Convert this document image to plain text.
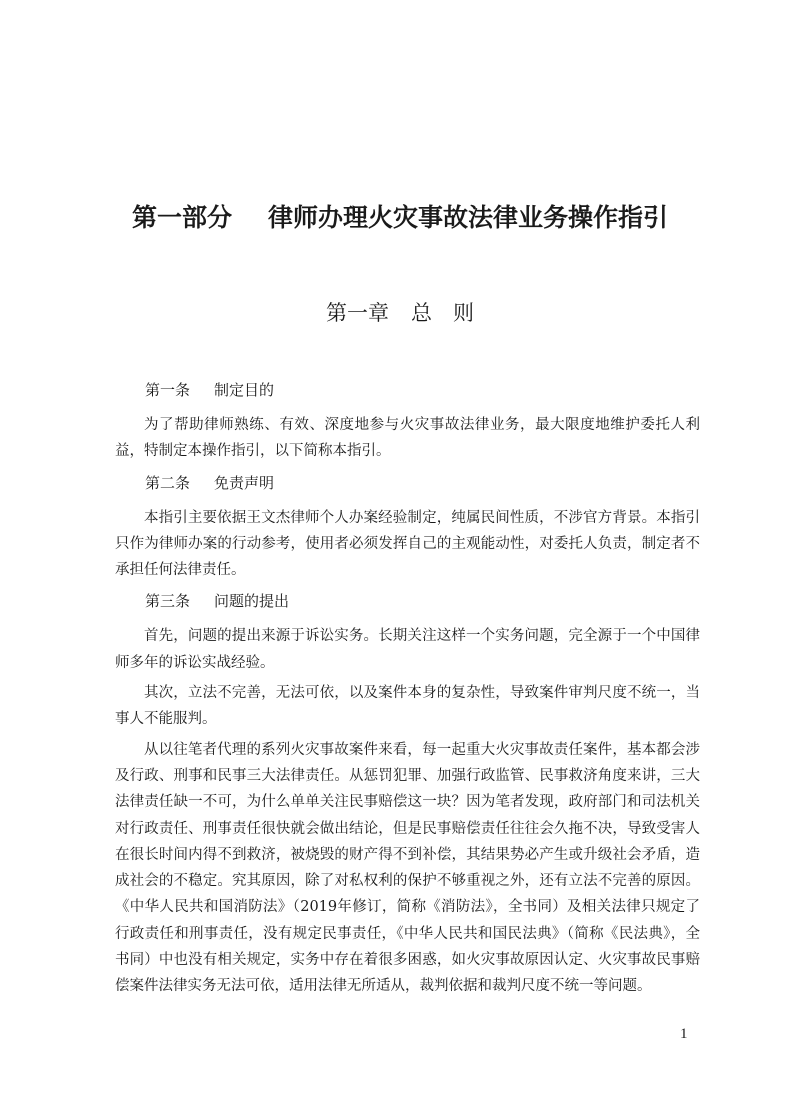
第一部分 律师办理火灾事故法律业务操作指引
第一章 总　则
第一条 制定目的

为了帮助律师熟练、有效、深度地参与火灾事故法律业务，最大限度地维护委托人利益，特制定本操作指引，以下简称本指引。

第二条 免责声明

本指引主要依据王文杰律师个人办案经验制定，纯属民间性质，不涉官方背景。本指引只作为律师办案的行动参考，使用者必须发挥自己的主观能动性，对委托人负责，制定者不承担任何法律责任。

第三条 问题的提出

首先，问题的提出来源于诉讼实务。长期关注这样一个实务问题，完全源于一个中国律师多年的诉讼实战经验。

其次，立法不完善，无法可依，以及案件本身的复杂性，导致案件审判尺度不统一，当事人不能服判。

从以往笔者代理的系列火灾事故案件来看，每一起重大火灾事故责任案件，基本都会涉及行政、刑事和民事三大法律责任。从惩罚犯罪、加强行政监管、民事救济角度来讲，三大法律责任缺一不可，为什么单单关注民事赔偿这一块？因为笔者发现，政府部门和司法机关对行政责任、刑事责任很快就会做出结论，但是民事赔偿责任往往会久拖不决，导致受害人在很长时间内得不到救济，被烧毁的财产得不到补偿，其结果势必产生或升级社会矛盾，造成社会的不稳定。究其原因，除了对私权利的保护不够重视之外，还有立法不完善的原因。《中华人民共和国消防法》（2019年修订，简称《消防法》，全书同）及相关法律只规定了行政责任和刑事责任，没有规定民事责任，《中华人民共和国民法典》（简称《民法典》，全书同）中也没有相关规定，实务中存在着很多困惑，如火灾事故原因认定、火灾事故民事赔偿案件法律实务无法可依，适用法律无所适从，裁判依据和裁判尺度不统一等问题。

1
